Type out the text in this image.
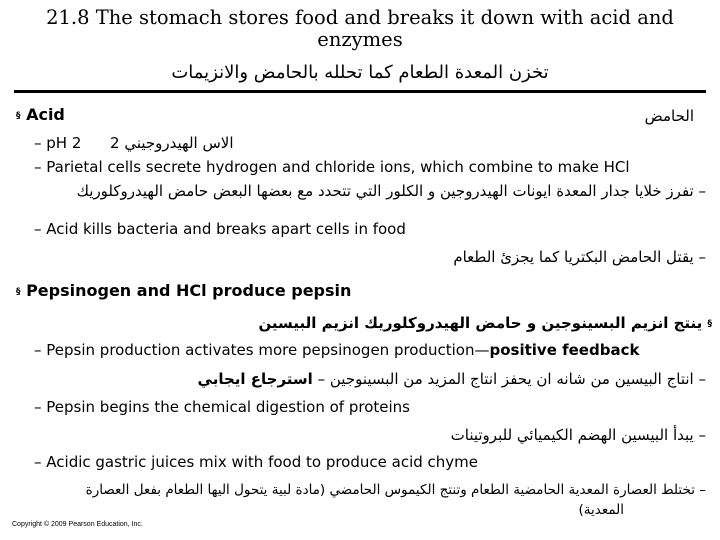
21.8 The stomach stores food and breaks it down with acid and enzymes
تخزن المعدة الطعام كما تحلله بالحامض والانزيمات
§ Acid	الحامض
– pH 2 الاس الهيدروجيني 2
– Parietal cells secrete hydrogen and chloride ions, which combine to make HCl
– تفرز خلايا جدار المعدة ايونات الهيدروجين و الكلور التي تتحدد مع بعضها البعض حامض الهيدروكلوريك
– Acid kills bacteria and breaks apart cells in food
– يقتل الحامض البكتريا كما يجزئ الطعام
§ Pepsinogen and HCl produce pepsin
§ ينتج انزيم البسينوجين و حامض الهيدروكلوريك انزيم البيسين
– Pepsin production activates more pepsinogen production—positive feedback
– انتاج البيسين من شانه ان يحفز انتاج المزيد من البسينوجين – استرجاع ايجابي
– Pepsin begins the chemical digestion of proteins
– يبدأ البيسين الهضم الكيميائي للبروتينات
– Acidic gastric juices mix with food to produce acid chyme
– تختلط العصارة المعدية الحامضية الطعام وتنتج الكيموس الحامضي (مادة لبية يتحول اليها الطعام بفعل العصارة
المعدية)
Copyright © 2009 Pearson Education, Inc.
